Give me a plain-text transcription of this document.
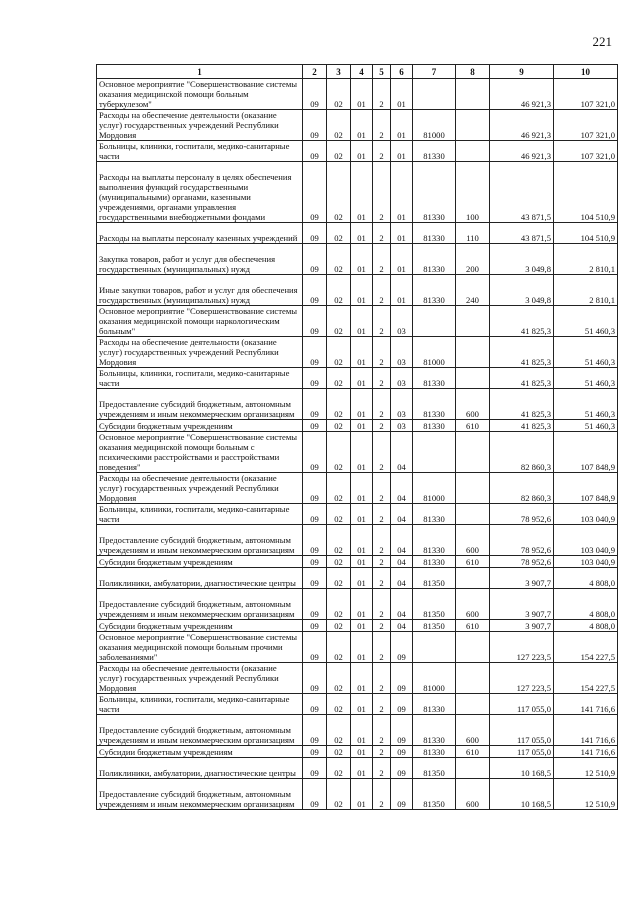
221
1	2	3	4	5	6	7	8	9	10
Основное мероприятие "Совершенствование системы оказания медицинской помощи больным туберкулезом"	09	02	01	2	01			46 921,3	107 321,0
Расходы на обеспечение деятельности (оказание услуг) государственных учреждений Республики Мордовия	09	02	01	2	01	81000		46 921,3	107 321,0
Больницы, клиники, госпитали, медико-санитарные части	09	02	01	2	01	81330		46 921,3	107 321,0
Расходы на выплаты персоналу в целях обеспечения выполнения функций государственными (муниципальными) органами, казенными учреждениями, органами управления государственными внебюджетными фондами	09	02	01	2	01	81330	100	43 871,5	104 510,9
Расходы на выплаты персоналу казенных учреждений	09	02	01	2	01	81330	110	43 871,5	104 510,9
Закупка товаров, работ и услуг для обеспечения государственных (муниципальных) нужд	09	02	01	2	01	81330	200	3 049,8	2 810,1
Иные закупки товаров, работ и услуг для обеспечения государственных (муниципальных) нужд	09	02	01	2	01	81330	240	3 049,8	2 810,1
Основное мероприятие "Совершенствование системы оказания медицинской помощи наркологическим больным"	09	02	01	2	03			41 825,3	51 460,3
Расходы на обеспечение деятельности (оказание услуг) государственных учреждений Республики Мордовия	09	02	01	2	03	81000		41 825,3	51 460,3
Больницы, клиники, госпитали, медико-санитарные части	09	02	01	2	03	81330		41 825,3	51 460,3
Предоставление субсидий бюджетным, автономным учреждениям и иным некоммерческим организациям	09	02	01	2	03	81330	600	41 825,3	51 460,3
Субсидии бюджетным учреждениям	09	02	01	2	03	81330	610	41 825,3	51 460,3
Основное мероприятие "Совершенствование системы оказания медицинской помощи больным с психическими расстройствами и расстройствами поведения"	09	02	01	2	04			82 860,3	107 848,9
Расходы на обеспечение деятельности (оказание услуг) государственных учреждений Республики Мордовия	09	02	01	2	04	81000		82 860,3	107 848,9
Больницы, клиники, госпитали, медико-санитарные части	09	02	01	2	04	81330		78 952,6	103 040,9
Предоставление субсидий бюджетным, автономным учреждениям и иным некоммерческим организациям	09	02	01	2	04	81330	600	78 952,6	103 040,9
Субсидии бюджетным учреждениям	09	02	01	2	04	81330	610	78 952,6	103 040,9
Поликлиники, амбулатории, диагностические центры	09	02	01	2	04	81350		3 907,7	4 808,0
Предоставление субсидий бюджетным, автономным учреждениям и иным некоммерческим организациям	09	02	01	2	04	81350	600	3 907,7	4 808,0
Субсидии бюджетным учреждениям	09	02	01	2	04	81350	610	3 907,7	4 808,0
Основное мероприятие "Совершенствование системы оказания медицинской помощи больным прочими заболеваниями"	09	02	01	2	09			127 223,5	154 227,5
Расходы на обеспечение деятельности (оказание услуг) государственных учреждений Республики Мордовия	09	02	01	2	09	81000		127 223,5	154 227,5
Больницы, клиники, госпитали, медико-санитарные части	09	02	01	2	09	81330		117 055,0	141 716,6
Предоставление субсидий бюджетным, автономным учреждениям и иным некоммерческим организациям	09	02	01	2	09	81330	600	117 055,0	141 716,6
Субсидии бюджетным учреждениям	09	02	01	2	09	81330	610	117 055,0	141 716,6
Поликлиники, амбулатории, диагностические центры	09	02	01	2	09	81350		10 168,5	12 510,9
Предоставление субсидий бюджетным, автономным учреждениям и иным некоммерческим организациям	09	02	01	2	09	81350	600	10 168,5	12 510,9
